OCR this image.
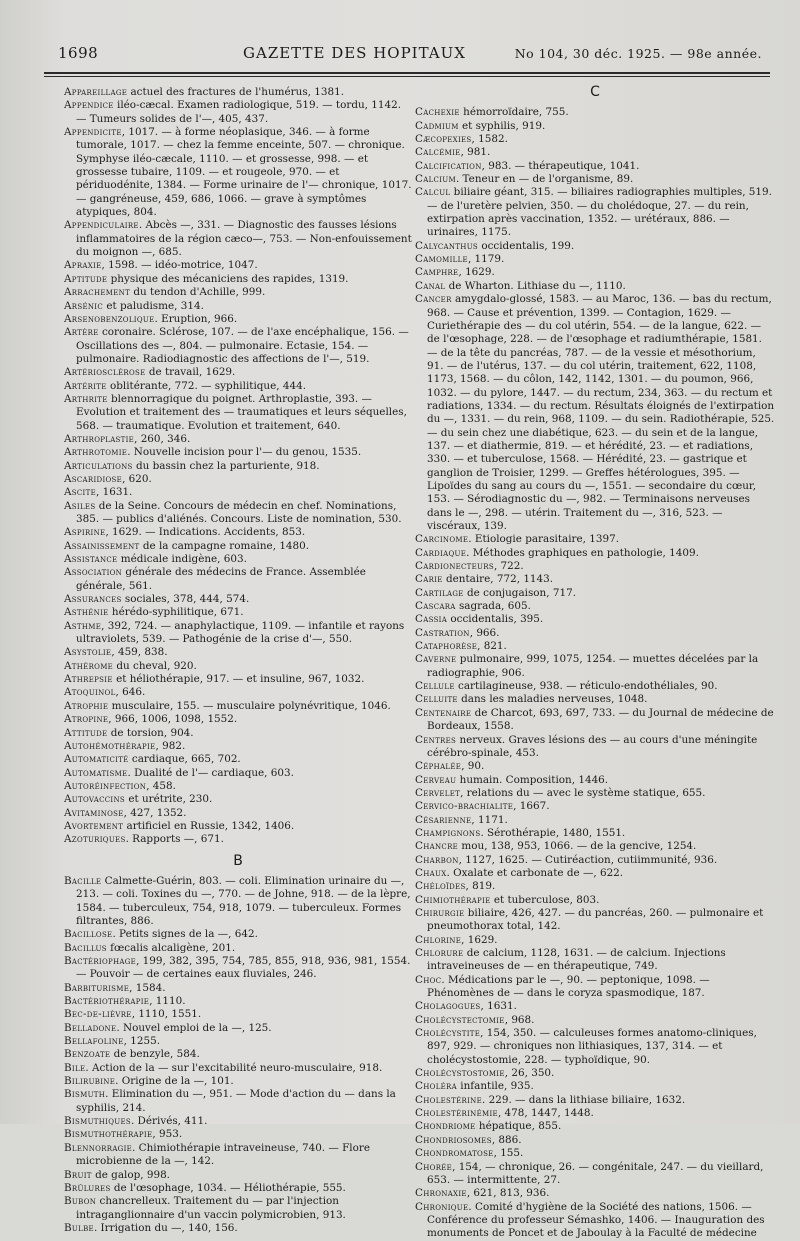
1698	GAZETTE DES HOPITAUX	No 104, 30 déc. 1925. — 98e année.

Appareillage actuel des fractures de l'humérus, 1381.

Appendice iléo-cæcal. Examen radiologique, 519. — tordu, 1142. — Tumeurs solides de l'—, 405, 437.

Appendicite, 1017. — à forme néoplasique, 346. — à forme tumorale, 1017. — chez la femme enceinte, 507. — chronique. Symphyse iléo-cæcale, 1110. — et grossesse, 998. — et grossesse tubaire, 1109. — et rougeole, 970. — et périduodénite, 1384. — Forme urinaire de l'— chronique, 1017. — gangréneuse, 459, 686, 1066. — grave à symptômes atypiques, 804.

Appendiculaire. Abcès —, 331. — Diagnostic des fausses lésions inflammatoires de la région cæco—, 753. — Non-enfouissement du moignon —, 685.

Apraxie, 1598. — idéo-motrice, 1047.

Aptitude physique des mécaniciens des rapides, 1319.

Arrachement du tendon d'Achille, 999.

Arsénic et paludisme, 314.

Arsenobenzolique. Eruption, 966.

Artère coronaire. Sclérose, 107. — de l'axe encéphalique, 156. — Oscillations des —, 804. — pulmonaire. Ectasie, 154. — pulmonaire. Radiodiagnostic des affections de l'—, 519.

Artériosclérose de travail, 1629.

Artérite oblitérante, 772. — syphilitique, 444.

Arthrite blennorragique du poignet. Arthroplastie, 393. — Evolution et traitement des — traumatiques et leurs séquelles, 568. — traumatique. Evolution et traitement, 640.

Arthroplastie, 260, 346.

Arthrotomie. Nouvelle incision pour l'— du genou, 1535.

Articulations du bassin chez la parturiente, 918.

Ascaridiose, 620.

Ascite, 1631.

Asiles de la Seine. Concours de médecin en chef. Nominations, 385. — publics d'aliénés. Concours. Liste de nomination, 530.

Aspirine, 1629. — Indications. Accidents, 853.

Assainissement de la campagne romaine, 1480.

Assistance médicale indigène, 603.

Association générale des médecins de France. Assemblée générale, 561.

Assurances sociales, 378, 444, 574.

Asthénie hérédo-syphilitique, 671.

Asthme, 392, 724. — anaphylactique, 1109. — infantile et rayons ultraviolets, 539. — Pathogénie de la crise d'—, 550.

Asystolie, 459, 838.

Athérome du cheval, 920.

Athrepsie et héliothérapie, 917. — et insuline, 967, 1032.

Atoquinol, 646.

Atrophie musculaire, 155. — musculaire polynévritique, 1046.

Atropine, 966, 1006, 1098, 1552.

Attitude de torsion, 904.

Autohémothérapie, 982.

Automaticité cardiaque, 665, 702.

Automatisme. Dualité de l'— cardiaque, 603.

Autoréinfection, 458.

Autovaccins et urétrite, 230.

Avitaminose, 427, 1352.

Avortement artificiel en Russie, 1342, 1406.

Azoturiques. Rapports —, 671.

B

Bacille Calmette-Guérin, 803. — coli. Elimination urinaire du —, 213. — coli. Toxines du —, 770. — de Johne, 918. — de la lèpre, 1584. — tuberculeux, 754, 918, 1079. — tuberculeux. Formes filtrantes, 886.

Bacillose. Petits signes de la —, 642.

Bacillus fœcalis alcaligène, 201.

Bactériophage, 199, 382, 395, 754, 785, 855, 918, 936, 981, 1554. — Pouvoir — de certaines eaux fluviales, 246.

Barbiturisme, 1584.

Bactériothérapie, 1110.

Bec-de-lièvre, 1110, 1551.

Belladone. Nouvel emploi de la —, 125.

Bellafoline, 1255.

Benzoate de benzyle, 584.

Bile. Action de la — sur l'excitabilité neuro-musculaire, 918.

Bilirubine. Origine de la —, 101.

Bismuth. Elimination du —, 951. — Mode d'action du — dans la syphilis, 214.

Bismuthiques. Dérivés, 411.

Bismuthothérapie, 953.

Blennorragie. Chimiothérapie intraveineuse, 740. — Flore microbienne de la —, 142.

Bruit de galop, 998.

Brûlures de l'œsophage, 1034. — Héliothérapie, 555.

Bubon chancrelleux. Traitement du — par l'injection intraganglionnaire d'un vaccin polymicrobien, 913.

Bulbe. Irrigation du —, 140, 156.

C

Cachexie hémorroïdaire, 755.

Cadmium et syphilis, 919.

Cæcopexies, 1582.

Calcémie, 981.

Calcification, 983. — thérapeutique, 1041.

Calcium. Teneur en — de l'organisme, 89.

Calcul biliaire géant, 315. — biliaires radiographies multiples, 519. — de l'uretère pelvien, 350. — du cholédoque, 27. — du rein, extirpation après vaccination, 1352. — urétéraux, 886. — urinaires, 1175.

Calycanthus occidentalis, 199.

Camomille, 1179.

Camphre, 1629.

Canal de Wharton. Lithiase du —, 1110.

Cancer amygdalo-glossé, 1583. — au Maroc, 136. — bas du rectum, 968. — Cause et prévention, 1399. — Contagion, 1629. — Curiethérapie des — du col utérin, 554. — de la langue, 622. — de l'œsophage, 228. — de l'œsophage et radiumthérapie, 1581. — de la tête du pancréas, 787. — de la vessie et mésothorium, 91. — de l'utérus, 137. — du col utérin, traitement, 622, 1108, 1173, 1568. — du côlon, 142, 1142, 1301. — du poumon, 966, 1032. — du pylore, 1447. — du rectum, 234, 363. — du rectum et radiations, 1334. — du rectum. Résultats éloignés de l'extirpation du —, 1331. — du rein, 968, 1109. — du sein. Radiothérapie, 525. — du sein chez une diabétique, 623. — du sein et de la langue, 137. — et diathermie, 819. — et hérédité, 23. — et radiations, 330. — et tuberculose, 1568. — Hérédité, 23. — gastrique et ganglion de Troisier, 1299. — Greffes hétérologues, 395. — Lipoïdes du sang au cours du —, 1551. — secondaire du cœur, 153. — Sérodiagnostic du —, 982. — Terminaisons nerveuses dans le —, 298. — utérin. Traitement du —, 316, 523. — viscéraux, 139.

Carcinome. Etiologie parasitaire, 1397.

Cardiaque. Méthodes graphiques en pathologie, 1409.

Cardionecteurs, 722.

Carie dentaire, 772, 1143.

Cartilage de conjugaison, 717.

Cascara sagrada, 605.

Cassia occidentalis, 395.

Castration, 966.

Cataphorèse, 821.

Caverne pulmonaire, 999, 1075, 1254. — muettes décelées par la radiographie, 906.

Cellule cartilagineuse, 938. — réticulo-endothéliales, 90.

Celluite dans les maladies nerveuses, 1048.

Centenaire de Charcot, 693, 697, 733. — du Journal de médecine de Bordeaux, 1558.

Centres nerveux. Graves lésions des — au cours d'une méningite cérébro-spinale, 453.

Céphalée, 90.

Cerveau humain. Composition, 1446.

Cervelet, relations du — avec le système statique, 655.

Cervico-brachialite, 1667.

Césarienne, 1171.

Champignons. Sérothérapie, 1480, 1551.

Chancre mou, 138, 953, 1066. — de la gencive, 1254.

Charbon, 1127, 1625. — Cutiréaction, cutiimmunité, 936.

Chaux. Oxalate et carbonate de —, 622.

Chéloïdes, 819.

Chimiothérapie et tuberculose, 803.

Chirurgie biliaire, 426, 427. — du pancréas, 260. — pulmonaire et pneumothorax total, 142.

Chlorine, 1629.

Chlorure de calcium, 1128, 1631. — de calcium. Injections intraveineuses de — en thérapeutique, 749.

Choc. Médications par le —, 90. — peptonique, 1098. — Phénomènes de — dans le coryza spasmodique, 187.

Cholagogues, 1631.

Cholécystectomie, 968.

Cholécystite, 154, 350. — calculeuses formes anatomo-cliniques, 897, 929. — chroniques non lithiasiques, 137, 314. — et cholécystostomie, 228. — typhoïdique, 90.

Cholécystostomie, 26, 350.

Choléra infantile, 935.

Cholestérine. 229. — dans la lithiase biliaire, 1632.

Cholestérinémie, 478, 1447, 1448.

Chondriome hépatique, 855.

Chondriosomes, 886.

Chondromatose, 155.

Chorée, 154, — chronique, 26. — congénitale, 247. — du vieillard, 653. — intermittente, 27.

Chronaxie, 621, 813, 936.

Chronique. Comité d'hygiène de la Société des nations, 1506. — Conférence du professeur Sémashko, 1406. — Inauguration des monuments de Poncet et de Jaboulay à la Faculté de médecine
